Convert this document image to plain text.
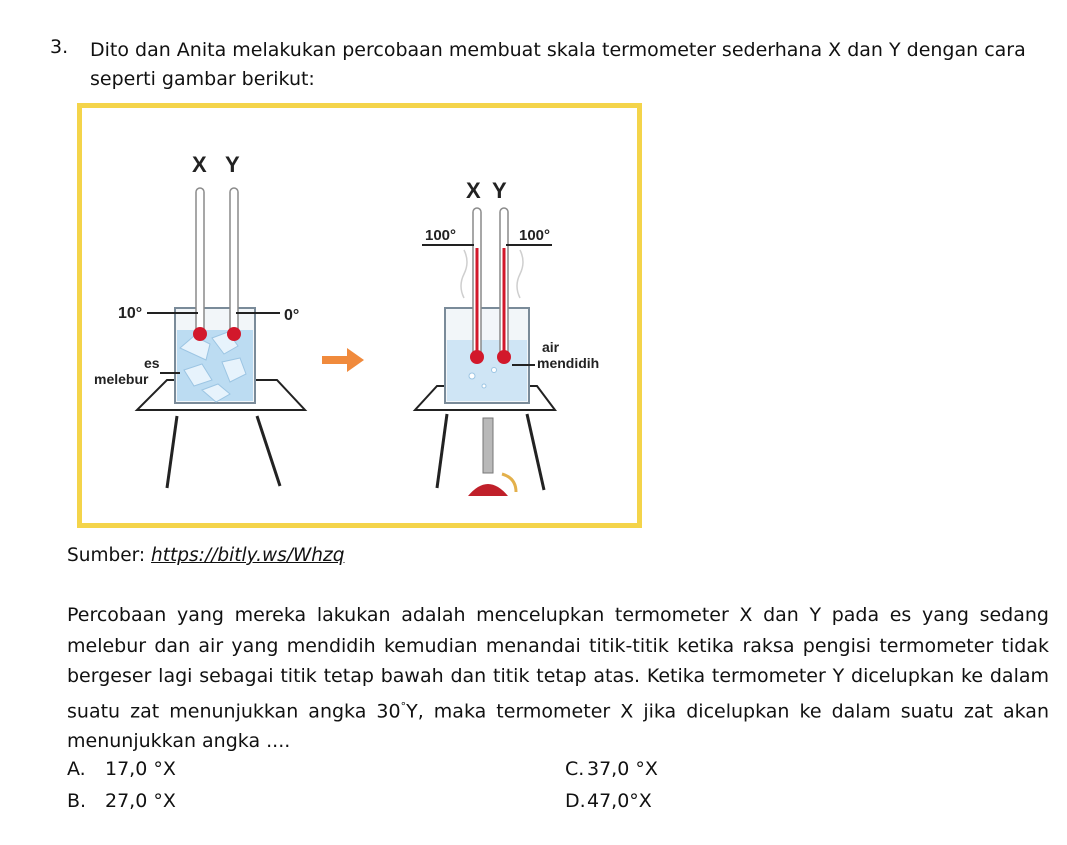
3. Dito dan Anita melakukan percobaan membuat skala termometer sederhana X dan Y dengan cara seperti gambar berikut:
X Y
10°	0°
es
melebur
X Y
100°	100°
air
mendidih
Sumber: https://bitly.ws/Whzq
Percobaan yang mereka lakukan adalah mencelupkan termometer X dan Y pada es yang sedang melebur dan air yang mendidih kemudian menandai titik-titik ketika raksa pengisi termometer tidak bergeser lagi sebagai titik tetap bawah dan titik tetap atas. Ketika termometer Y dicelupkan ke dalam suatu zat menunjukkan angka 30°Y, maka termometer X jika dicelupkan ke dalam suatu zat akan menunjukkan angka ....
A. 17,0 °X
B. 27,0 °X
C. 37,0 °X
D.47,0°X
